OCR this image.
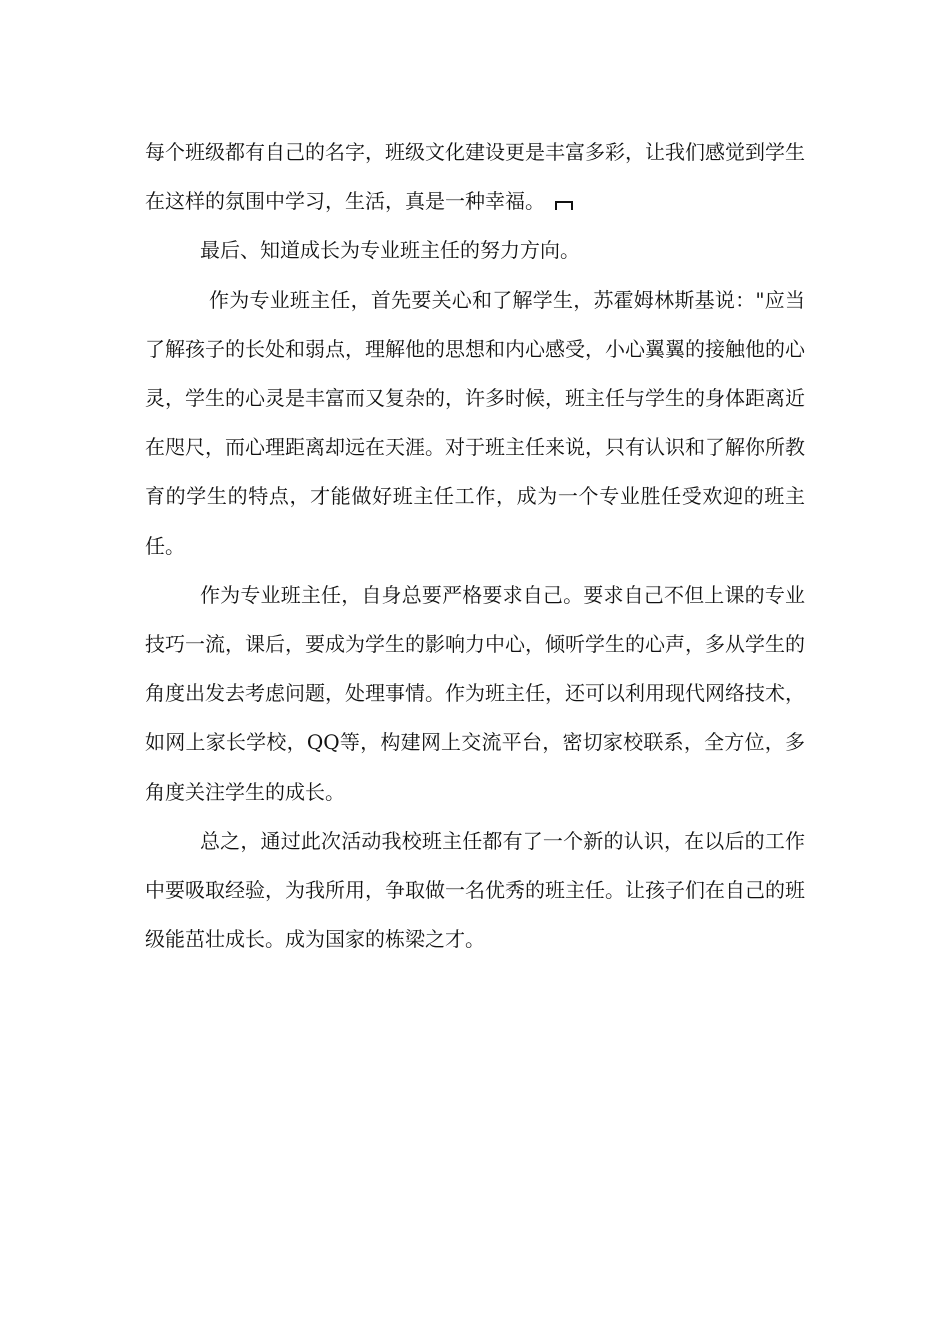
每个班级都有自己的名字，班级文化建设更是丰富多彩，让我们感觉到学生在这样的氛围中学习，生活，真是一种幸福。

最后、知道成长为专业班主任的努力方向。

作为专业班主任，首先要关心和了解学生，苏霍姆林斯基说："应当了解孩子的长处和弱点，理解他的思想和内心感受，小心翼翼的接触他的心灵，学生的心灵是丰富而又复杂的，许多时候，班主任与学生的身体距离近在咫尺，而心理距离却远在天涯。对于班主任来说，只有认识和了解你所教育的学生的特点，才能做好班主任工作，成为一个专业胜任受欢迎的班主任。

作为专业班主任，自身总要严格要求自己。要求自己不但上课的专业技巧一流，课后，要成为学生的影响力中心，倾听学生的心声，多从学生的角度出发去考虑问题，处理事情。作为班主任，还可以利用现代网络技术，如网上家长学校，QQ等，构建网上交流平台，密切家校联系，全方位，多角度关注学生的成长。

总之，通过此次活动我校班主任都有了一个新的认识，在以后的工作中要吸取经验，为我所用，争取做一名优秀的班主任。让孩子们在自己的班级能茁壮成长。成为国家的栋梁之才。
